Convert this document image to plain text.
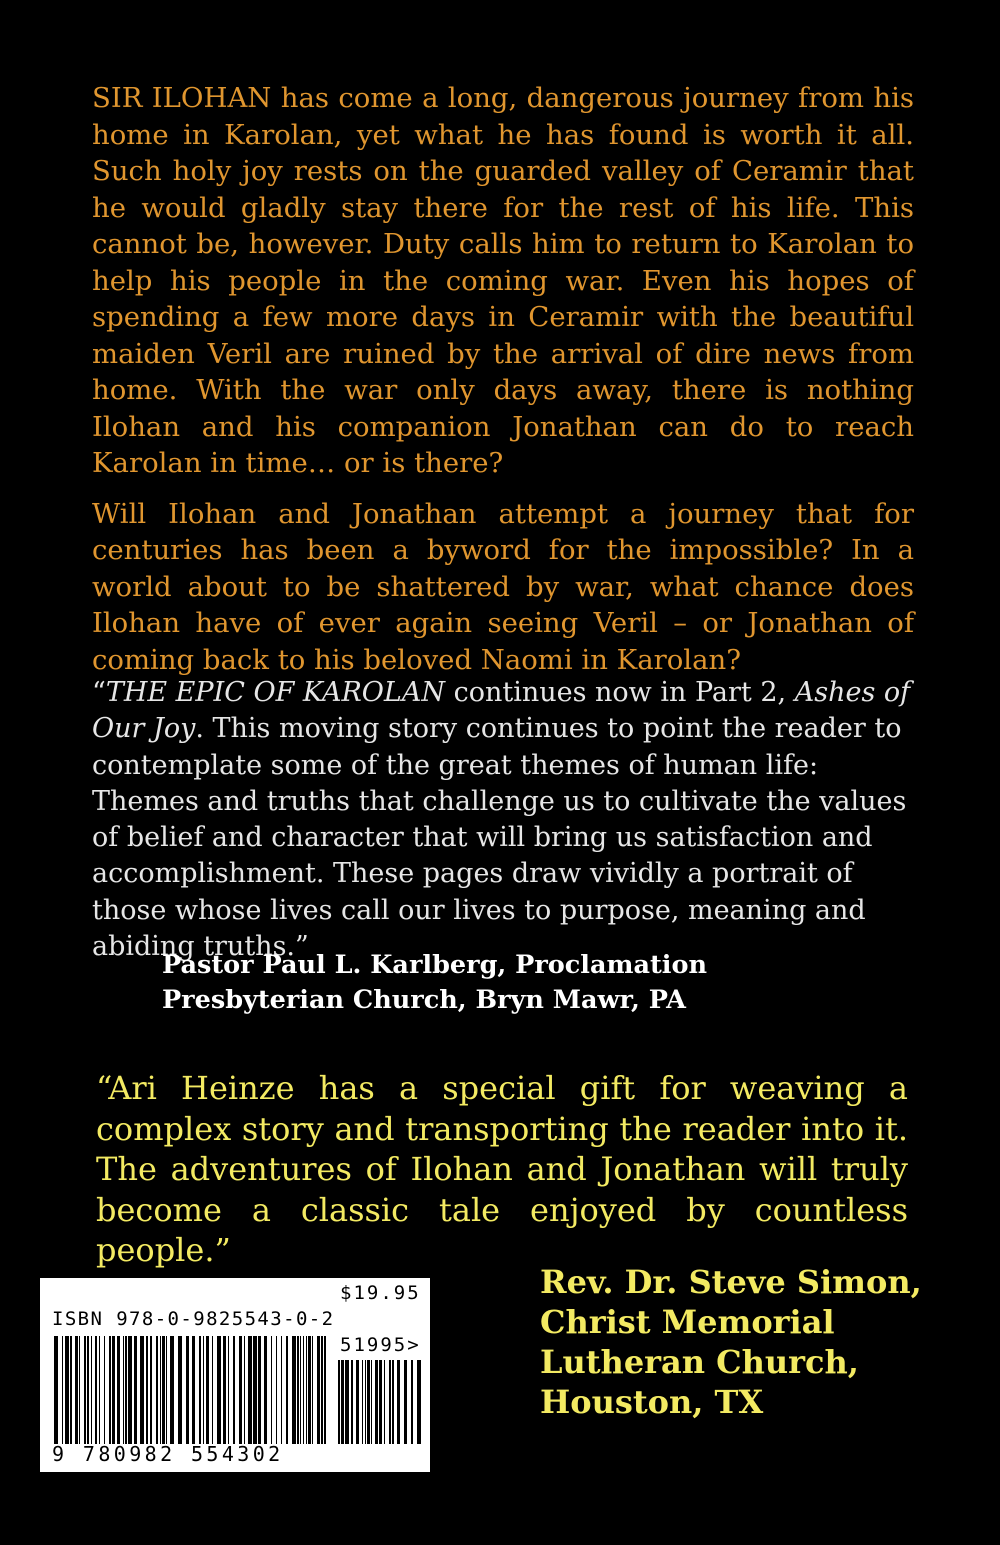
SIR ILOHAN has come a long, dangerous journey from his home in Karolan, yet what he has found is worth it all. Such holy joy rests on the guarded valley of Ceramir that he would gladly stay there for the rest of his life. This cannot be, however. Duty calls him to return to Karolan to help his people in the coming war. Even his hopes of spending a few more days in Ceramir with the beautiful maiden Veril are ruined by the arrival of dire news from home. With the war only days away, there is nothing Ilohan and his companion Jonathan can do to reach Karolan in time… or is there?

Will Ilohan and Jonathan attempt a journey that for centuries has been a byword for the impossible? In a world about to be shattered by war, what chance does Ilohan have of ever again seeing Veril – or Jonathan of coming back to his beloved Naomi in Karolan?

“THE EPIC OF KAROLAN continues now in Part 2, Ashes of Our Joy. This moving story continues to point the reader to contemplate some of the great themes of human life: Themes and truths that challenge us to cultivate the values of belief and character that will bring us satisfaction and accomplishment. These pages draw vividly a portrait of those whose lives call our lives to purpose, meaning and abiding truths.”

Pastor Paul L. Karlberg, Proclamation
Presbyterian Church, Bryn Mawr, PA

“Ari Heinze has a special gift for weaving a complex story and transporting the reader into it. The adventures of Ilohan and Jonathan will truly become a classic tale enjoyed by countless people.”

Rev. Dr. Steve Simon,
Christ Memorial
Lutheran Church,
Houston, TX
$19.95
ISBN 978-0-9825543-0-2
51995>
9 780982 554302
